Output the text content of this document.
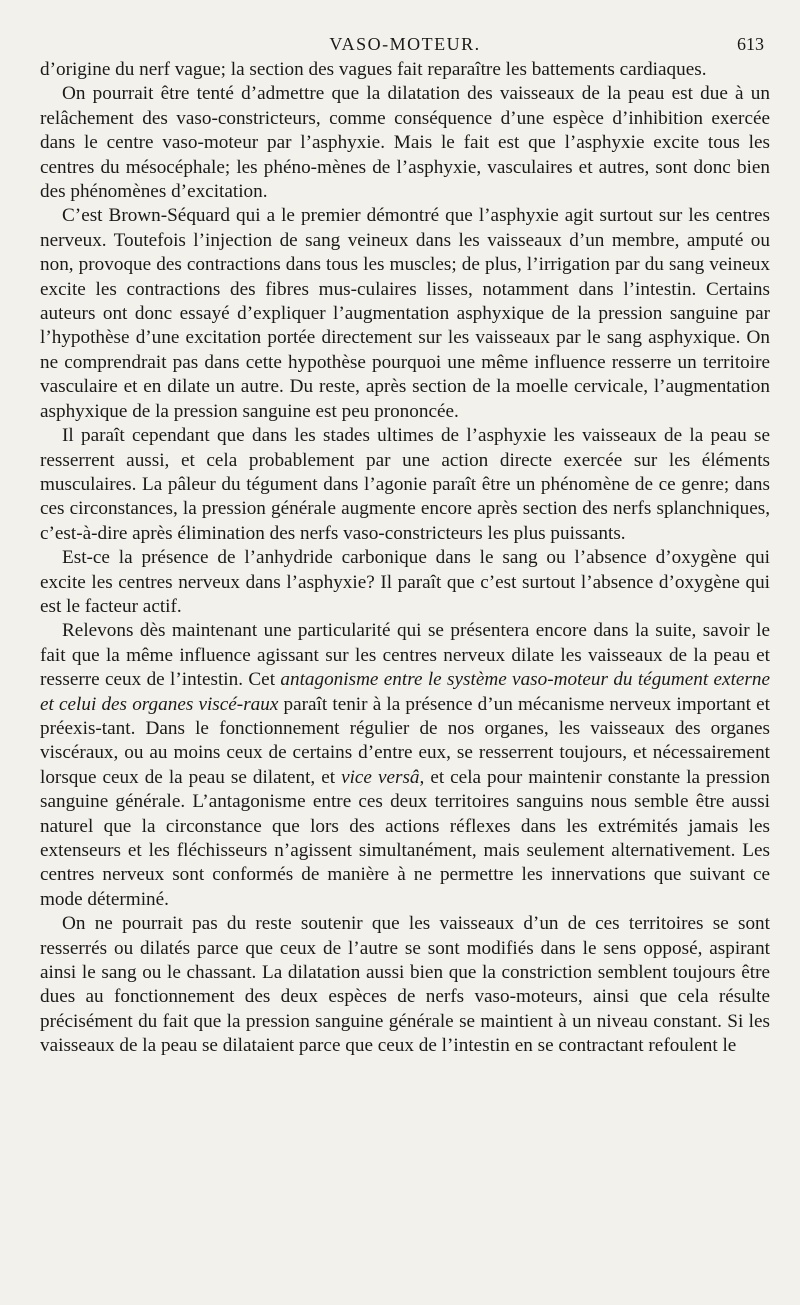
VASO-MOTEUR.	613

d’origine du nerf vague; la section des vagues fait reparaître les battements cardiaques.

On pourrait être tenté d’admettre que la dilatation des vaisseaux de la peau est due à un relâchement des vaso-constricteurs, comme conséquence d’une espèce d’inhibition exercée dans le centre vaso-moteur par l’asphyxie. Mais le fait est que l’asphyxie excite tous les centres du mésocéphale; les phéno-mènes de l’asphyxie, vasculaires et autres, sont donc bien des phénomènes d’excitation.

C’est Brown-Séquard qui a le premier démontré que l’asphyxie agit surtout sur les centres nerveux. Toutefois l’injection de sang veineux dans les vaisseaux d’un membre, amputé ou non, provoque des contractions dans tous les muscles; de plus, l’irrigation par du sang veineux excite les contractions des fibres mus-culaires lisses, notamment dans l’intestin. Certains auteurs ont donc essayé d’expliquer l’augmentation asphyxique de la pression sanguine par l’hypothèse d’une excitation portée directement sur les vaisseaux par le sang asphyxique. On ne comprendrait pas dans cette hypothèse pourquoi une même influence resserre un territoire vasculaire et en dilate un autre. Du reste, après section de la moelle cervicale, l’augmentation asphyxique de la pression sanguine est peu prononcée.

Il paraît cependant que dans les stades ultimes de l’asphyxie les vaisseaux de la peau se resserrent aussi, et cela probablement par une action directe exercée sur les éléments musculaires. La pâleur du tégument dans l’agonie paraît être un phénomène de ce genre; dans ces circonstances, la pression générale augmente encore après section des nerfs splanchniques, c’est-à-dire après élimination des nerfs vaso-constricteurs les plus puissants.

Est-ce la présence de l’anhydride carbonique dans le sang ou l’absence d’oxygène qui excite les centres nerveux dans l’asphyxie? Il paraît que c’est surtout l’absence d’oxygène qui est le facteur actif.

Relevons dès maintenant une particularité qui se présentera encore dans la suite, savoir le fait que la même influence agissant sur les centres nerveux dilate les vaisseaux de la peau et resserre ceux de l’intestin. Cet antagonisme entre le système vaso-moteur du tégument externe et celui des organes viscé-raux paraît tenir à la présence d’un mécanisme nerveux important et préexis-tant. Dans le fonctionnement régulier de nos organes, les vaisseaux des organes viscéraux, ou au moins ceux de certains d’entre eux, se resserrent toujours, et nécessairement lorsque ceux de la peau se dilatent, et vice versâ, et cela pour maintenir constante la pression sanguine générale. L’antagonisme entre ces deux territoires sanguins nous semble être aussi naturel que la circonstance que lors des actions réflexes dans les extrémités jamais les extenseurs et les fléchisseurs n’agissent simultanément, mais seulement alternativement. Les centres nerveux sont conformés de manière à ne permettre les innervations que suivant ce mode déterminé.

On ne pourrait pas du reste soutenir que les vaisseaux d’un de ces territoires se sont resserrés ou dilatés parce que ceux de l’autre se sont modifiés dans le sens opposé, aspirant ainsi le sang ou le chassant. La dilatation aussi bien que la constriction semblent toujours être dues au fonctionnement des deux espèces de nerfs vaso-moteurs, ainsi que cela résulte précisément du fait que la pression sanguine générale se maintient à un niveau constant. Si les vaisseaux de la peau se dilataient parce que ceux de l’intestin en se contractant refoulent le
